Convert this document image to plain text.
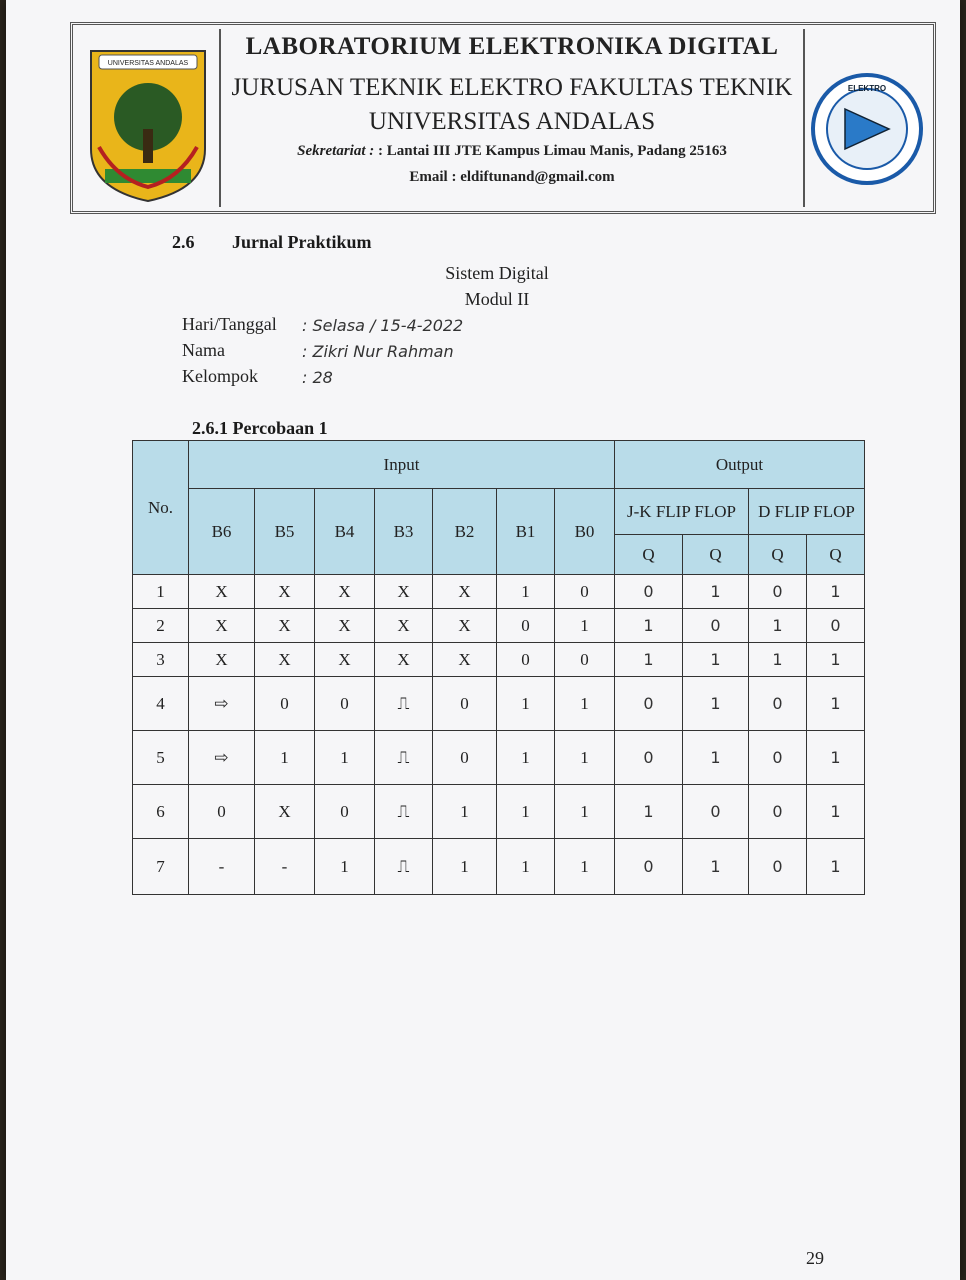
UNIVERSITAS ANDALAS
LABORATORIUM ELEKTRONIKA DIGITAL
JURUSAN TEKNIK ELEKTRO FAKULTAS TEKNIK
UNIVERSITAS ANDALAS
Sekretariat : : Lantai III JTE Kampus Limau Manis, Padang 25163
Email : eldiftunand@gmail.com
ELEKTRO
2.6 Jurnal Praktikum
Sistem Digital
Modul II
Hari/Tanggal : Selasa / 15-4-2022
Nama	: Zikri Nur Rahman
Kelompok	: 28
2.6.1 Percobaan 1
No.	Input							Output			
	B6	B5	B4	B3	B2	B1	B0	J-K FLIP FLOP		D FLIP FLOP	
								Q	Q	Q	Q
1	X	X	X	X	X	1	0	0	1	0	1
2	X	X	X	X	X	0	1	1	0	1	0
3	X	X	X	X	X	0	0	1	1	1	1
4	⇨	0	0	⎍	0	1	1	0	1	0	1
5	⇨	1	1	⎍	0	1	1	0	1	0	1
6	0	X	0	⎍	1	1	1	1	0	0	1
7	-	-	1	⎍	1	1	1	0	1	0	1
29
